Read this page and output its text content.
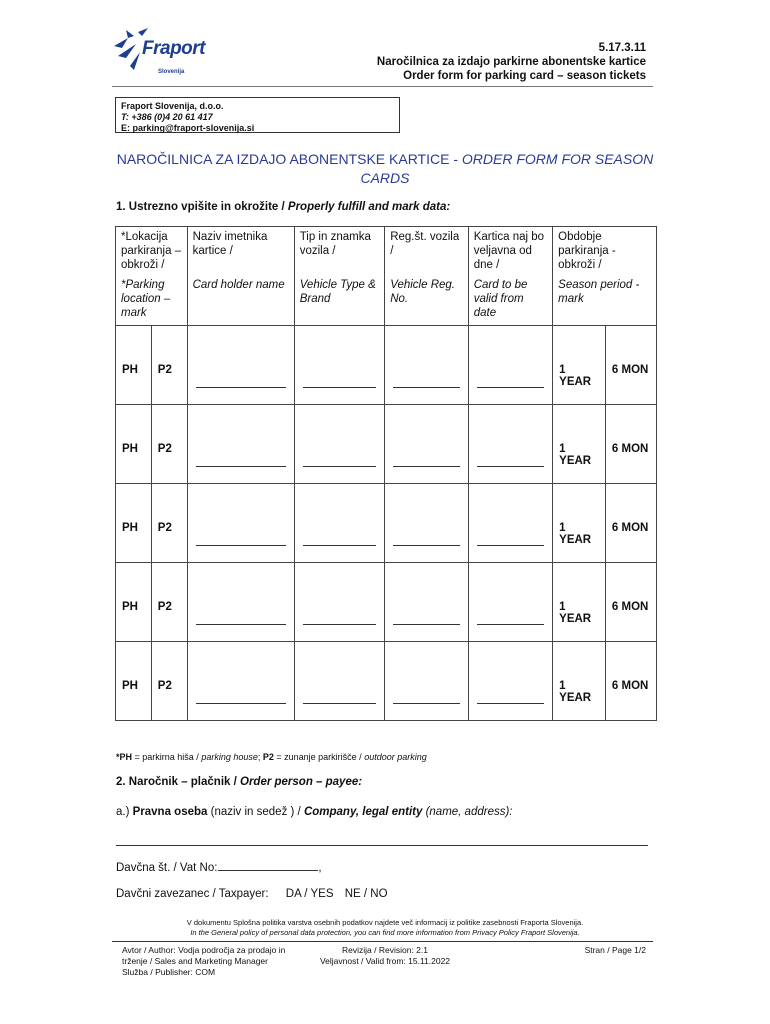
Fraport
Slovenija
5.17.3.11
Naročilnica za izdajo parkirne abonentske kartice
Order form for parking card – season tickets
Fraport Slovenija, d.o.o.
T: +386 (0)4 20 61 417
E: parking@fraport-slovenija.si
NAROČILNICA ZA IZDAJO ABONENTSKE KARTICE - ORDER FORM FOR SEASON CARDS
1. Ustrezno vpišite in okrožite / Properly fulfill and mark data:
*Lokacija parkiranja – obkroži /		Naziv imetnika kartice /	Tip in znamka vozila /	Reg.št. vozila /	Kartica naj bo veljavna od dne /	Obdobje parkiranja - obkroži /	
*Parking location – mark		Card holder name	Vehicle Type & Brand	Vehicle Reg. No.	Card to be valid from date	Season period - mark	

PH	P2					1 YEAR	6 MON

PH	P2					1 YEAR	6 MON

PH	P2					1 YEAR	6 MON

PH	P2					1 YEAR	6 MON

PH	P2					1 YEAR	6 MON
*PH = parkirna hiša / parking house; P2 = zunanje parkirišče / outdoor parking
2. Naročnik – plačnik / Order person – payee:
a.) Pravna oseba (naziv in sedež ) / Company, legal entity (name, address):
Davčna št. / Vat No:	,
Davčni zavezanec / Taxpayer: DA / YES NE / NO
V dokumentu Splošna politika varstva osebnih podatkov najdete več informacij iz politike zasebnosti Fraporta Slovenija.
In the General policy of personal data protection, you can find more information from Privacy Policy Fraport Slovenija.
Avtor / Author: Vodja področja za prodajo in trženje / Sales and Marketing Manager
Služba / Publisher: COM
Revizija / Revision: 2.1
Veljavnost / Valid from: 15.11.2022
Stran / Page 1/2
